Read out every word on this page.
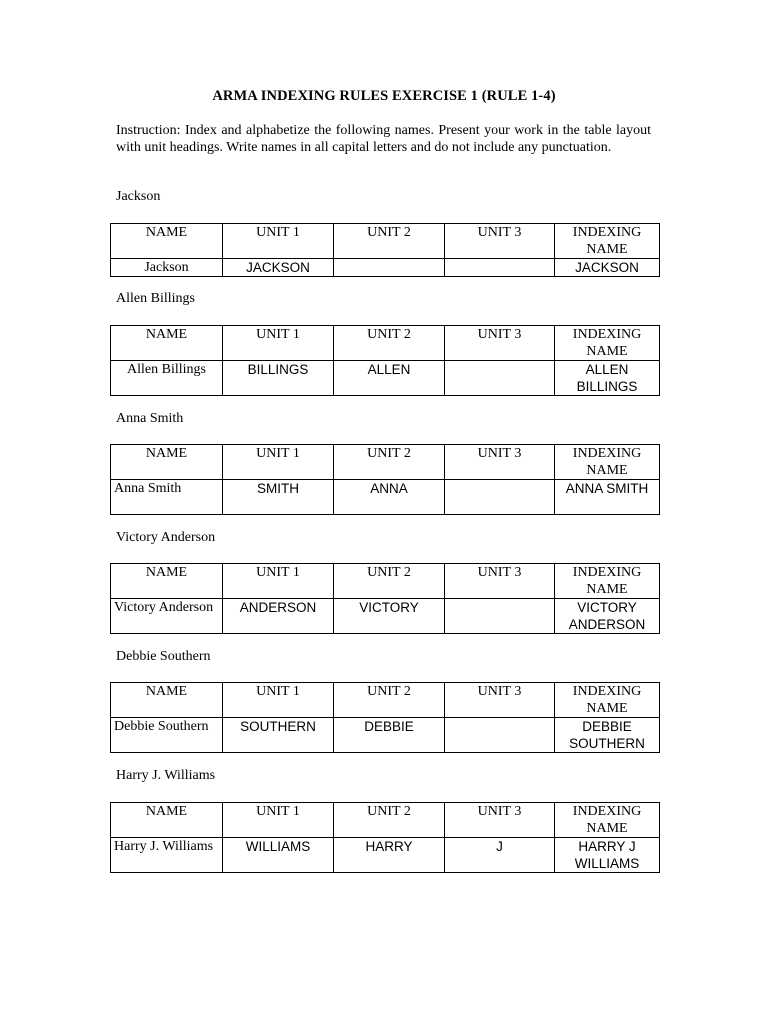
ARMA INDEXING RULES EXERCISE 1 (RULE 1-4)
Instruction: Index and alphabetize the following names. Present your work in the table layout with unit headings. Write names in all capital letters and do not include any punctuation.
Jackson
NAME	UNIT 1	UNIT 2	UNIT 3	INDEXING NAME
Jackson	JACKSON			JACKSON
Allen Billings
NAME	UNIT 1	UNIT 2	UNIT 3	INDEXING NAME
Allen Billings	BILLINGS	ALLEN		ALLEN BILLINGS
Anna Smith
NAME	UNIT 1	UNIT 2	UNIT 3	INDEXING NAME
Anna Smith	SMITH	ANNA		ANNA SMITH
Victory Anderson
NAME	UNIT 1	UNIT 2	UNIT 3	INDEXING NAME
Victory Anderson	ANDERSON	VICTORY		VICTORY ANDERSON
Debbie Southern
NAME	UNIT 1	UNIT 2	UNIT 3	INDEXING NAME
Debbie Southern	SOUTHERN	DEBBIE		DEBBIE SOUTHERN
Harry J. Williams
NAME	UNIT 1	UNIT 2	UNIT 3	INDEXING NAME
Harry J. Williams	WILLIAMS	HARRY	J	HARRY J WILLIAMS
